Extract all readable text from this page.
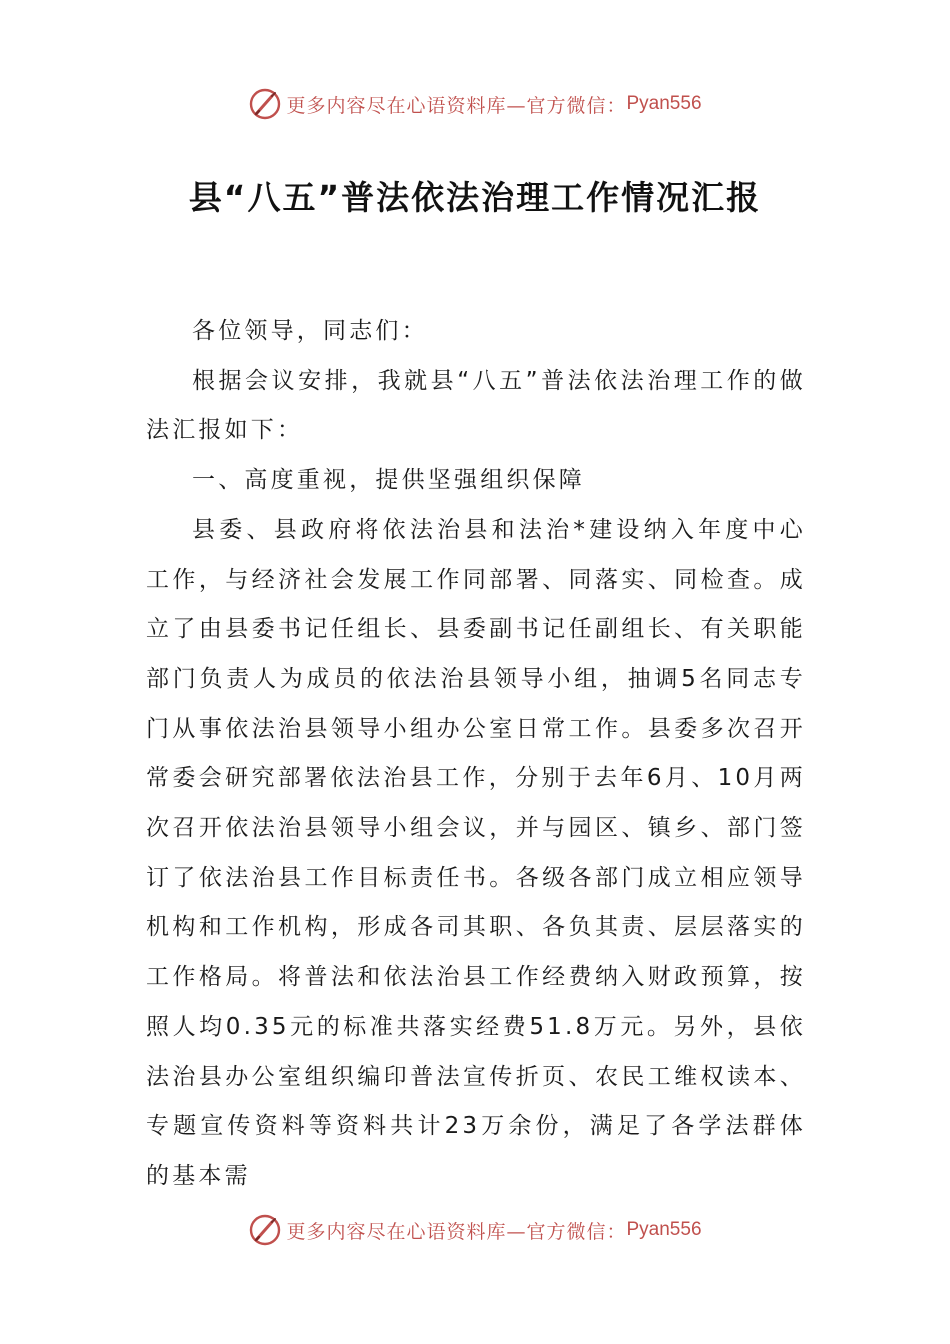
更多内容尽在心语资料库—官方微信： Pyan556
县“八五”普法依法治理工作情况汇报

各位领导，同志们：

根据会议安排，我就县“八五”普法依法治理工作的做法汇报如下：

一、高度重视，提供坚强组织保障

县委、县政府将依法治县和法治*建设纳入年度中心工作，与经济社会发展工作同部署、同落实、同检查。成立了由县委书记任组长、县委副书记任副组长、有关职能部门负责人为成员的依法治县领导小组，抽调5名同志专门从事依法治县领导小组办公室日常工作。县委多次召开常委会研究部署依法治县工作，分别于去年6月、10月两次召开依法治县领导小组会议，并与园区、镇乡、部门签订了依法治县工作目标责任书。各级各部门成立相应领导机构和工作机构，形成各司其职、各负其责、层层落实的工作格局。将普法和依法治县工作经费纳入财政预算，按照人均0.35元的标准共落实经费51.8万元。另外，县依法治县办公室组织编印普法宣传折页、农民工维权读本、专题宣传资料等资料共计23万余份，满足了各学法群体的基本需

更多内容尽在心语资料库—官方微信： Pyan556
